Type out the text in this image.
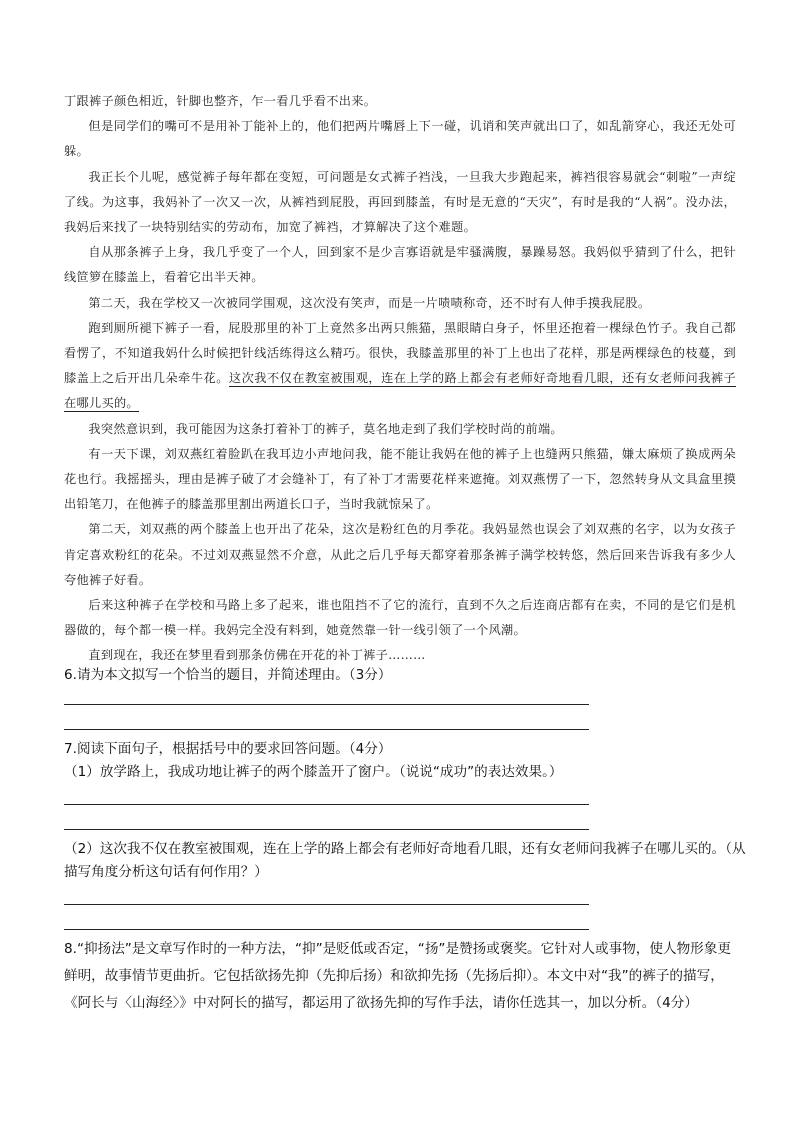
丁跟裤子颜色相近，针脚也整齐，乍一看几乎看不出来。

但是同学们的嘴可不是用补丁能补上的，他们把两片嘴唇上下一碰，讥诮和笑声就出口了，如乱箭穿心，我还无处可躲。

我正长个儿呢，感觉裤子每年都在变短，可问题是女式裤子裆浅，一旦我大步跑起来，裤裆很容易就会“刺啦”一声绽了线。为这事，我妈补了一次又一次，从裤裆到屁股，再回到膝盖，有时是无意的“天灾”，有时是我的“人祸”。没办法，我妈后来找了一块特别结实的劳动布，加宽了裤裆，才算解决了这个难题。

自从那条裤子上身，我几乎变了一个人，回到家不是少言寡语就是牢骚满腹，暴躁易怒。我妈似乎猜到了什么，把针线笸箩在膝盖上，看着它出半天神。

第二天，我在学校又一次被同学围观，这次没有笑声，而是一片啧啧称奇，还不时有人伸手摸我屁股。

跑到厕所褪下裤子一看，屁股那里的补丁上竟然多出两只熊猫，黑眼睛白身子，怀里还抱着一棵绿色竹子。我自己都看愣了，不知道我妈什么时候把针线活练得这么精巧。很快，我膝盖那里的补丁上也出了花样，那是两棵绿色的枝蔓，到膝盖上之后开出几朵牵牛花。这次我不仅在教室被围观，连在上学的路上都会有老师好奇地看几眼，还有女老师问我裤子在哪儿买的。

我突然意识到，我可能因为这条打着补丁的裤子，莫名地走到了我们学校时尚的前端。

有一天下课，刘双燕红着脸趴在我耳边小声地问我，能不能让我妈在他的裤子上也缝两只熊猫，嫌太麻烦了换成两朵花也行。我摇摇头，理由是裤子破了才会缝补丁，有了补丁才需要花样来遮掩。刘双燕愣了一下，忽然转身从文具盒里摸出铅笔刀，在他裤子的膝盖那里割出两道长口子，当时我就惊呆了。

第二天，刘双燕的两个膝盖上也开出了花朵，这次是粉红色的月季花。我妈显然也误会了刘双燕的名字，以为女孩子肯定喜欢粉红的花朵。不过刘双燕显然不介意，从此之后几乎每天都穿着那条裤子满学校转悠，然后回来告诉我有多少人夸他裤子好看。

后来这种裤子在学校和马路上多了起来，谁也阻挡不了它的流行，直到不久之后连商店都有在卖，不同的是它们是机器做的，每个都一模一样。我妈完全没有料到，她竟然靠一针一线引领了一个风潮。

直到现在，我还在梦里看到那条仿佛在开花的补丁裤子………

6.请为本文拟写一个恰当的题目，并简述理由。（3分）

7.阅读下面句子，根据括号中的要求回答问题。（4分）

（1）放学路上，我成功地让裤子的两个膝盖开了窗户。（说说“成功”的表达效果。）

（2）这次我不仅在教室被围观，连在上学的路上都会有老师好奇地看几眼，还有女老师问我裤子在哪儿买的。（从描写角度分析这句话有何作用？）

8.“抑扬法”是文章写作时的一种方法，“抑”是贬低或否定，“扬”是赞扬或褒奖。它针对人或事物，使人物形象更鲜明，故事情节更曲折。它包括欲扬先抑（先抑后扬）和欲抑先扬（先扬后抑）。本文中对“我”的裤子的描写，《阿长与〈山海经〉》中对阿长的描写，都运用了欲扬先抑的写作手法，请你任选其一，加以分析。（4分）
